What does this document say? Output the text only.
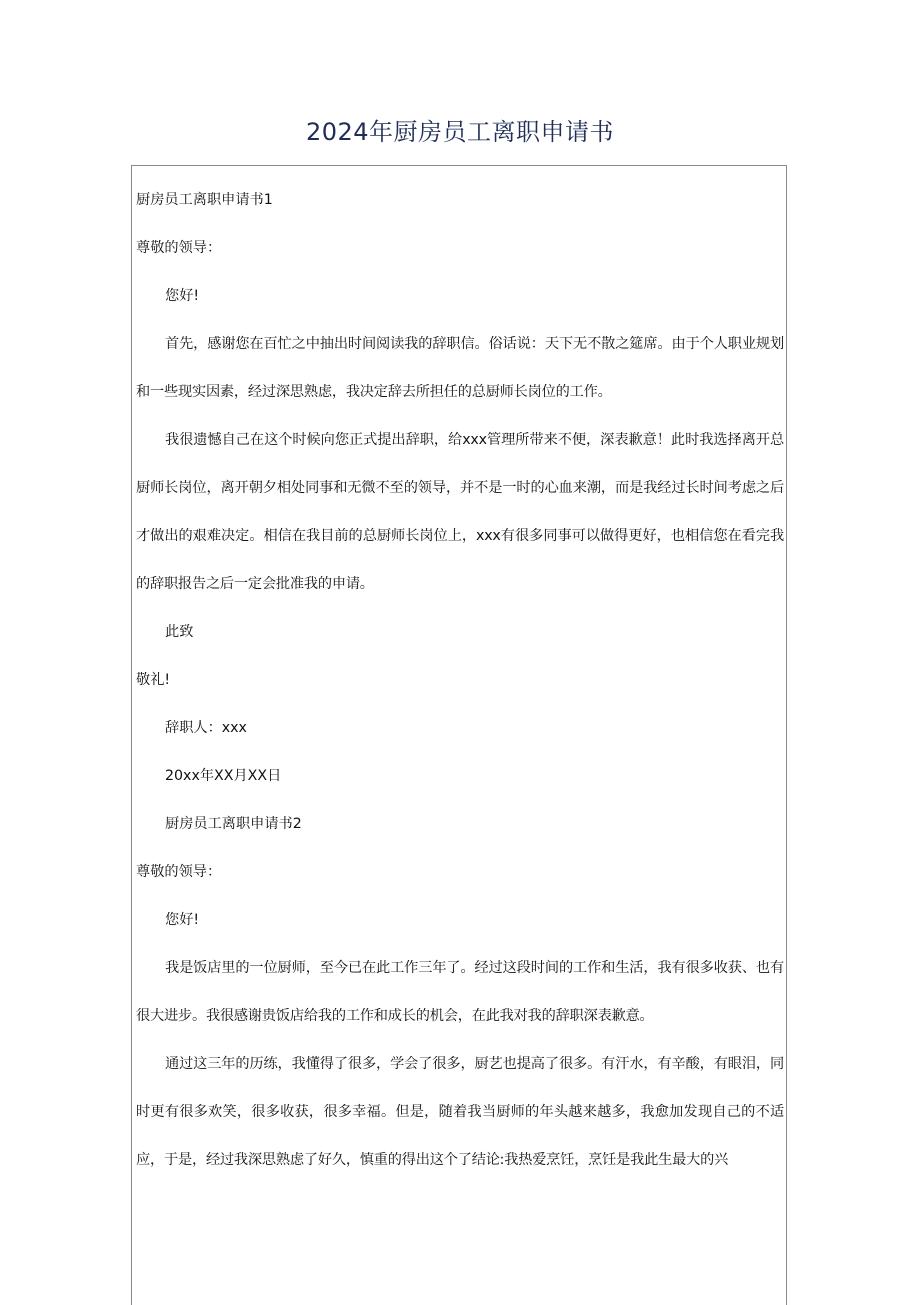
2024年厨房员工离职申请书

厨房员工离职申请书1

尊敬的领导：

您好!

首先，感谢您在百忙之中抽出时间阅读我的辞职信。俗话说：天下无不散之筵席。由于个人职业规划和一些现实因素，经过深思熟虑，我决定辞去所担任的总厨师长岗位的工作。

我很遗憾自己在这个时候向您正式提出辞职，给xxx管理所带来不便，深表歉意！此时我选择离开总厨师长岗位，离开朝夕相处同事和无微不至的领导，并不是一时的心血来潮，而是我经过长时间考虑之后才做出的艰难决定。相信在我目前的总厨师长岗位上，xxx有很多同事可以做得更好，也相信您在看完我的辞职报告之后一定会批准我的申请。

此致

敬礼!

辞职人：xxx

20xx年XX月XX日

厨房员工离职申请书2

尊敬的领导：

您好!

我是饭店里的一位厨师，至今已在此工作三年了。经过这段时间的工作和生活，我有很多收获、也有很大进步。我很感谢贵饭店给我的工作和成长的机会，在此我对我的辞职深表歉意。

通过这三年的历练，我懂得了很多，学会了很多，厨艺也提高了很多。有汗水，有辛酸，有眼泪，同时更有很多欢笑，很多收获，很多幸福。但是，随着我当厨师的年头越来越多，我愈加发现自己的不适应，于是，经过我深思熟虑了好久，慎重的得出这个了结论:我热爱烹饪，烹饪是我此生最大的兴
